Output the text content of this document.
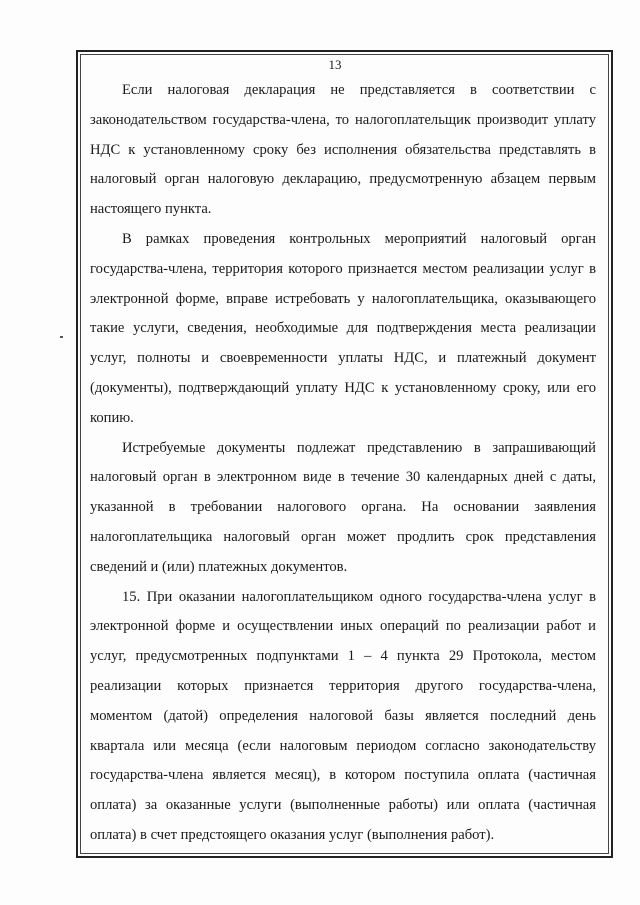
13

Если налоговая декларация не представляется в соответствии с законодательством государства-члена, то налогоплательщик производит уплату НДС к установленному сроку без исполнения обязательства представлять в налоговый орган налоговую декларацию, предусмотренную абзацем первым настоящего пункта.

В рамках проведения контрольных мероприятий налоговый орган государства-члена, территория которого признается местом реализации услуг в электронной форме, вправе истребовать у налогоплательщика, оказывающего такие услуги, сведения, необходимые для подтверждения места реализации услуг, полноты и своевременности уплаты НДС, и платежный документ (документы), подтверждающий уплату НДС к установленному сроку, или его копию.

Истребуемые документы подлежат представлению в запрашивающий налоговый орган в электронном виде в течение 30 календарных дней с даты, указанной в требовании налогового органа. На основании заявления налогоплательщика налоговый орган может продлить срок представления сведений и (или) платежных документов.

15. При оказании налогоплательщиком одного государства-члена услуг в электронной форме и осуществлении иных операций по реализации работ и услуг, предусмотренных подпунктами 1 – 4 пункта 29 Протокола, местом реализации которых признается территория другого государства-члена, моментом (датой) определения налоговой базы является последний день квартала или месяца (если налоговым периодом согласно законодательству государства-члена является месяц), в котором поступила оплата (частичная оплата) за оказанные услуги (выполненные работы) или оплата (частичная оплата) в счет предстоящего оказания услуг (выполнения работ).
